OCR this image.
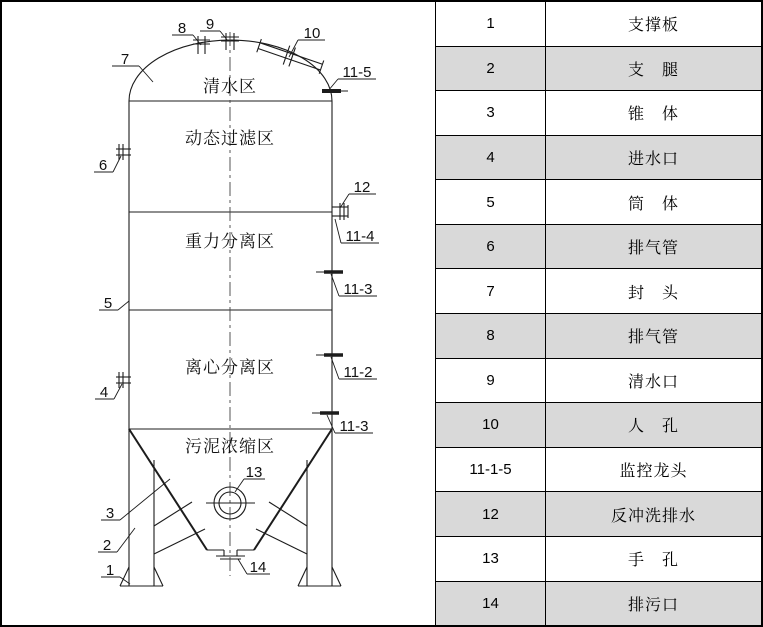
清水区
动态过滤区
重力分离区
离心分离区
污泥浓缩区
7
8 9
10
11-5
6
12
11-4
11-3
5
11-2
4
11-3
3
13
2
1	14
1	支撑板
2	支　腿
3	锥　体
4	进水口
5	筒　体
6	排气管
7	封　头
8	排气管
9	清水口
10	人　孔
11-1-5	监控龙头
12	反冲洗排水
13	手　孔
14	排污口
